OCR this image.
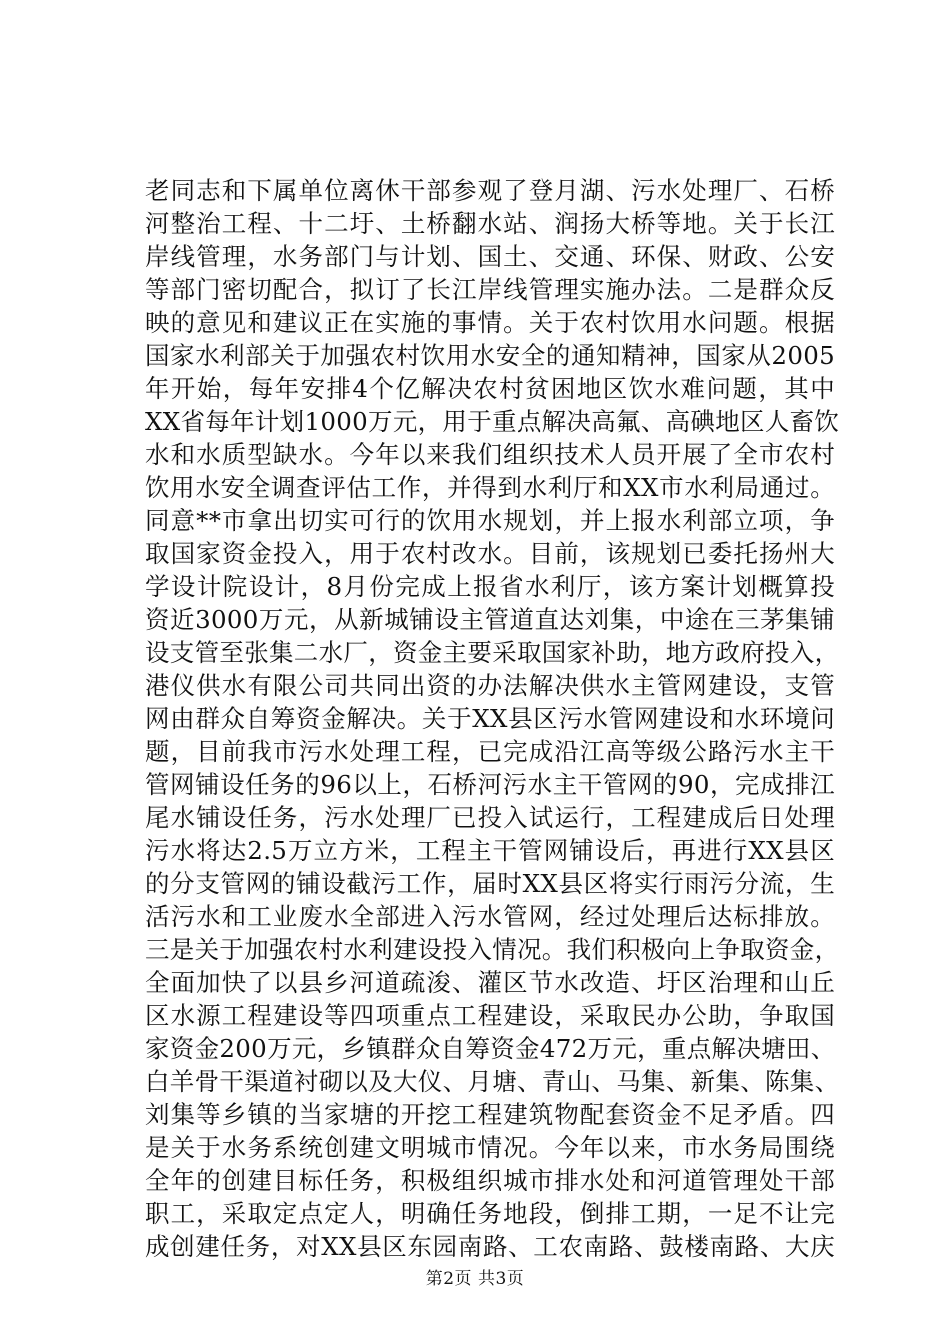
老同志和下属单位离休干部参观了登月湖、污水处理厂、石桥
河整治工程、十二圩、土桥翻水站、润扬大桥等地。关于长江
岸线管理，水务部门与计划、国土、交通、环保、财政、公安
等部门密切配合，拟订了长江岸线管理实施办法。二是群众反
映的意见和建议正在实施的事情。关于农村饮用水问题。根据
国家水利部关于加强农村饮用水安全的通知精神，国家从2005
年开始，每年安排4个亿解决农村贫困地区饮水难问题，其中
XX省每年计划1000万元，用于重点解决高氟、高碘地区人畜饮
水和水质型缺水。今年以来我们组织技术人员开展了全市农村
饮用水安全调查评估工作，并得到水利厅和XX市水利局通过。
同意**市拿出切实可行的饮用水规划，并上报水利部立项，争
取国家资金投入，用于农村改水。目前，该规划已委托扬州大
学设计院设计，8月份完成上报省水利厅，该方案计划概算投
资近3000万元，从新城铺设主管道直达刘集，中途在三茅集铺
设支管至张集二水厂，资金主要采取国家补助，地方政府投入，
港仪供水有限公司共同出资的办法解决供水主管网建设，支管
网由群众自筹资金解决。关于XX县区污水管网建设和水环境问
题，目前我市污水处理工程，已完成沿江高等级公路污水主干
管网铺设任务的96以上，石桥河污水主干管网的90，完成排江
尾水铺设任务，污水处理厂已投入试运行，工程建成后日处理
污水将达2.5万立方米，工程主干管网铺设后，再进行XX县区
的分支管网的铺设截污工作，届时XX县区将实行雨污分流，生
活污水和工业废水全部进入污水管网，经过处理后达标排放。
三是关于加强农村水利建设投入情况。我们积极向上争取资金，
全面加快了以县乡河道疏浚、灌区节水改造、圩区治理和山丘
区水源工程建设等四项重点工程建设，采取民办公助，争取国
家资金200万元，乡镇群众自筹资金472万元，重点解决塘田、
白羊骨干渠道衬砌以及大仪、月塘、青山、马集、新集、陈集、
刘集等乡镇的当家塘的开挖工程建筑物配套资金不足矛盾。四
是关于水务系统创建文明城市情况。今年以来，市水务局围绕
全年的创建目标任务，积极组织城市排水处和河道管理处干部
职工，采取定点定人，明确任务地段，倒排工期，一足不让完
成创建任务，对XX县区东园南路、工农南路、鼓楼南路、大庆
第2页 共3页
